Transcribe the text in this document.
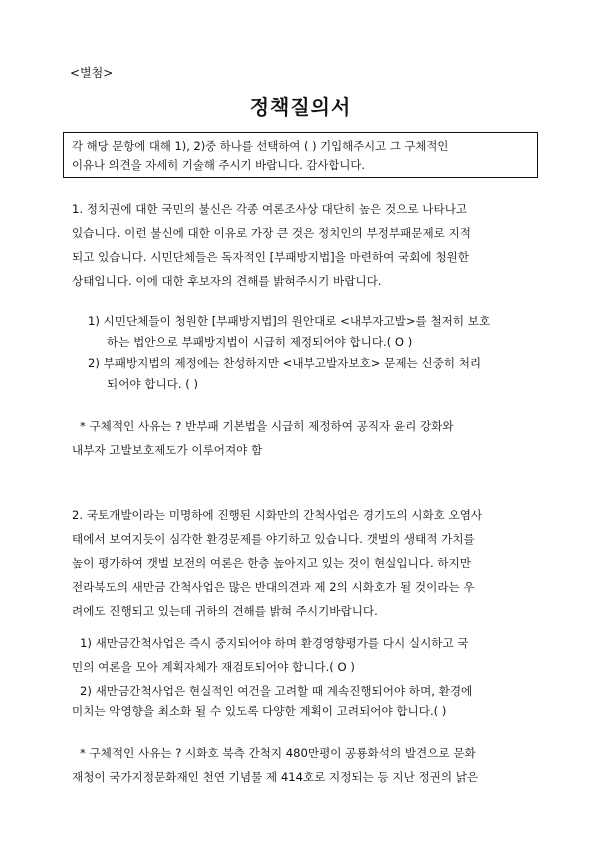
<별첨>
정책질의서
각 해당 문항에 대해 1), 2)중 하나를 선택하여 ( ) 기입해주시고 그 구체적인
이유나 의견을 자세히 기술해 주시기 바랍니다. 감사합니다.
1. 정치권에 대한 국민의 불신은 각종 여론조사상 대단히 높은 것으로 나타나고
있습니다. 이런 불신에 대한 이유로 가장 큰 것은 정치인의 부정부패문제로 지적
되고 있습니다. 시민단체들은 독자적인 [부패방지법]을 마련하여 국회에 청원한
상태입니다. 이에 대한 후보자의 견해를 밝혀주시기 바랍니다.
1) 시민단체들이 청원한 [부패방지법]의 원안대로 <내부자고발>를 철저히 보호
하는 법안으로 부패방지법이 시급히 제정되어야 합니다.( O )
2) 부패방지법의 제정에는 찬성하지만 <내부고발자보호> 문제는 신중히 처리
되어야 합니다. ( )
* 구체적인 사유는 ? 반부패 기본법을 시급히 제정하여 공직자 윤리 강화와
내부자 고발보호제도가 이루어져야 함
2. 국토개발이라는 미명하에 진행된 시화만의 간척사업은 경기도의 시화호 오염사
태에서 보여지듯이 심각한 환경문제를 야기하고 있습니다. 갯벌의 생태적 가치를
높이 평가하여 갯벌 보전의 여론은 한층 높아지고 있는 것이 현실입니다. 하지만
전라북도의 새만금 간척사업은 많은 반대의견과 제 2의 시화호가 될 것이라는 우
려에도 진행되고 있는데 귀하의 견해를 밝혀 주시기바랍니다.
1) 새만금간척사업은 즉시 중지되어야 하며 환경영향평가를 다시 실시하고 국
민의 여론을 모아 계획자체가 재검토되어야 합니다.( O )
2) 새만금간척사업은 현실적인 여건을 고려할 때 계속진행되어야 하며, 환경에
미치는 악영향을 최소화 될 수 있도록 다양한 계획이 고려되어야 합니다.( )
* 구체적인 사유는 ? 시화호 북측 간척지 480만평이 공룡화석의 발견으로 문화
재청이 국가지정문화재인 천연 기념물 제 414호로 지정되는 등 지난 정권의 낡은
